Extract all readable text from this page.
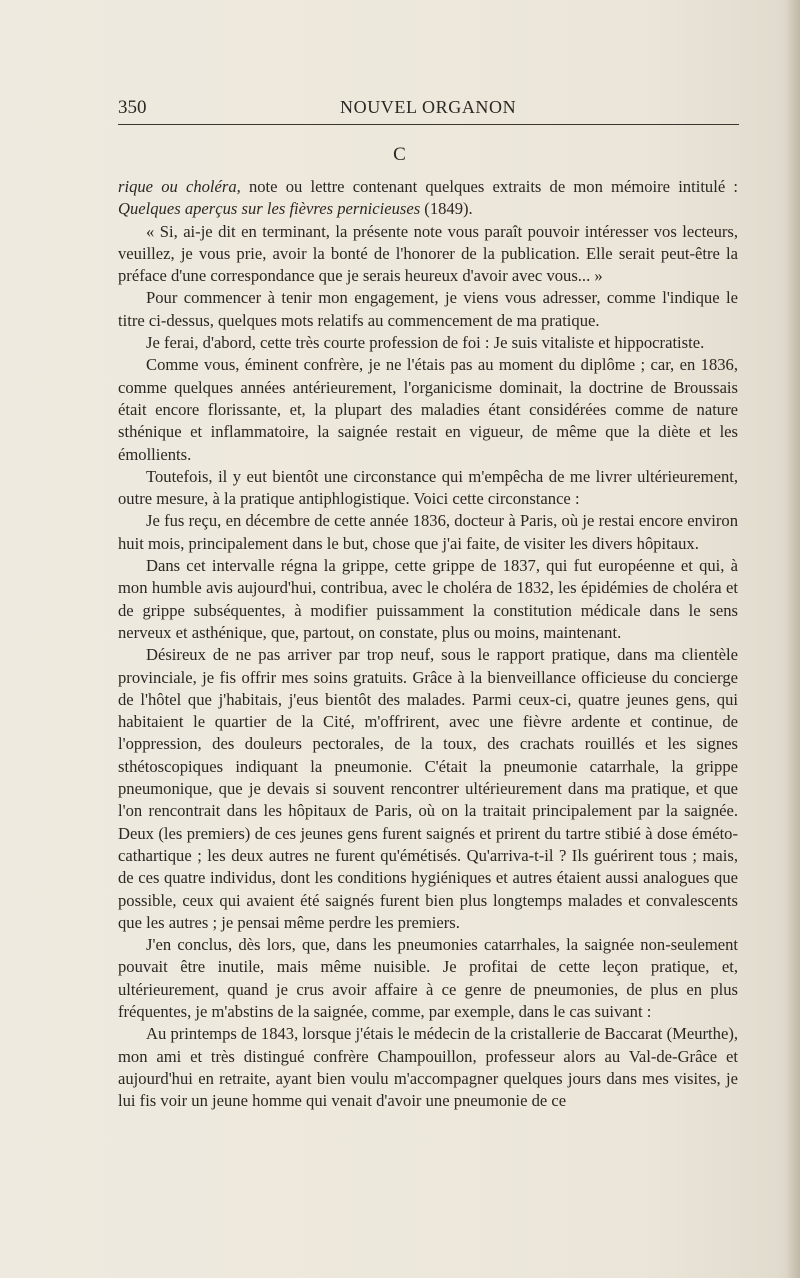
350	NOUVEL ORGANON
C

rique ou choléra, note ou lettre contenant quelques extraits de mon mémoire intitulé : Quelques aperçus sur les fièvres pernicieuses (1849).

« Si, ai-je dit en terminant, la présente note vous paraît pouvoir intéresser vos lecteurs, veuillez, je vous prie, avoir la bonté de l'honorer de la publication. Elle serait peut-être la préface d'une correspondance que je serais heureux d'avoir avec vous... »

Pour commencer à tenir mon engagement, je viens vous adresser, comme l'indique le titre ci-dessus, quelques mots relatifs au commencement de ma pratique.

Je ferai, d'abord, cette très courte profession de foi : Je suis vitaliste et hippocratiste.

Comme vous, éminent confrère, je ne l'étais pas au moment du diplôme ; car, en 1836, comme quelques années antérieurement, l'organicisme dominait, la doctrine de Broussais était encore florissante, et, la plupart des maladies étant considérées comme de nature sthénique et inflammatoire, la saignée restait en vigueur, de même que la diète et les émollients.

Toutefois, il y eut bientôt une circonstance qui m'empêcha de me livrer ultérieurement, outre mesure, à la pratique antiphlogistique. Voici cette circonstance :

Je fus reçu, en décembre de cette année 1836, docteur à Paris, où je restai encore environ huit mois, principalement dans le but, chose que j'ai faite, de visiter les divers hôpitaux.

Dans cet intervalle régna la grippe, cette grippe de 1837, qui fut européenne et qui, à mon humble avis aujourd'hui, contribua, avec le choléra de 1832, les épidémies de choléra et de grippe subséquentes, à modifier puissamment la constitution médicale dans le sens nerveux et asthénique, que, partout, on constate, plus ou moins, maintenant.

Désireux de ne pas arriver par trop neuf, sous le rapport pratique, dans ma clientèle provinciale, je fis offrir mes soins gratuits. Grâce à la bienveillance officieuse du concierge de l'hôtel que j'habitais, j'eus bientôt des malades. Parmi ceux-ci, quatre jeunes gens, qui habitaient le quartier de la Cité, m'offrirent, avec une fièvre ardente et continue, de l'oppression, des douleurs pectorales, de la toux, des crachats rouillés et les signes sthétoscopiques indiquant la pneumonie. C'était la pneumonie catarrhale, la grippe pneumonique, que je devais si souvent rencontrer ultérieurement dans ma pratique, et que l'on rencontrait dans les hôpitaux de Paris, où on la traitait principalement par la saignée. Deux (les premiers) de ces jeunes gens furent saignés et prirent du tartre stibié à dose éméto-cathartique ; les deux autres ne furent qu'émétisés. Qu'arriva-t-il ? Ils guérirent tous ; mais, de ces quatre individus, dont les conditions hygiéniques et autres étaient aussi analogues que possible, ceux qui avaient été saignés furent bien plus longtemps malades et convalescents que les autres ; je pensai même perdre les premiers.

J'en conclus, dès lors, que, dans les pneumonies catarrhales, la saignée non-seulement pouvait être inutile, mais même nuisible. Je profitai de cette leçon pratique, et, ultérieurement, quand je crus avoir affaire à ce genre de pneumonies, de plus en plus fréquentes, je m'abstins de la saignée, comme, par exemple, dans le cas suivant :

Au printemps de 1843, lorsque j'étais le médecin de la cristallerie de Baccarat (Meurthe), mon ami et très distingué confrère Champouillon, professeur alors au Val-de-Grâce et aujourd'hui en retraite, ayant bien voulu m'accompagner quelques jours dans mes visites, je lui fis voir un jeune homme qui venait d'avoir une pneumonie de ce
